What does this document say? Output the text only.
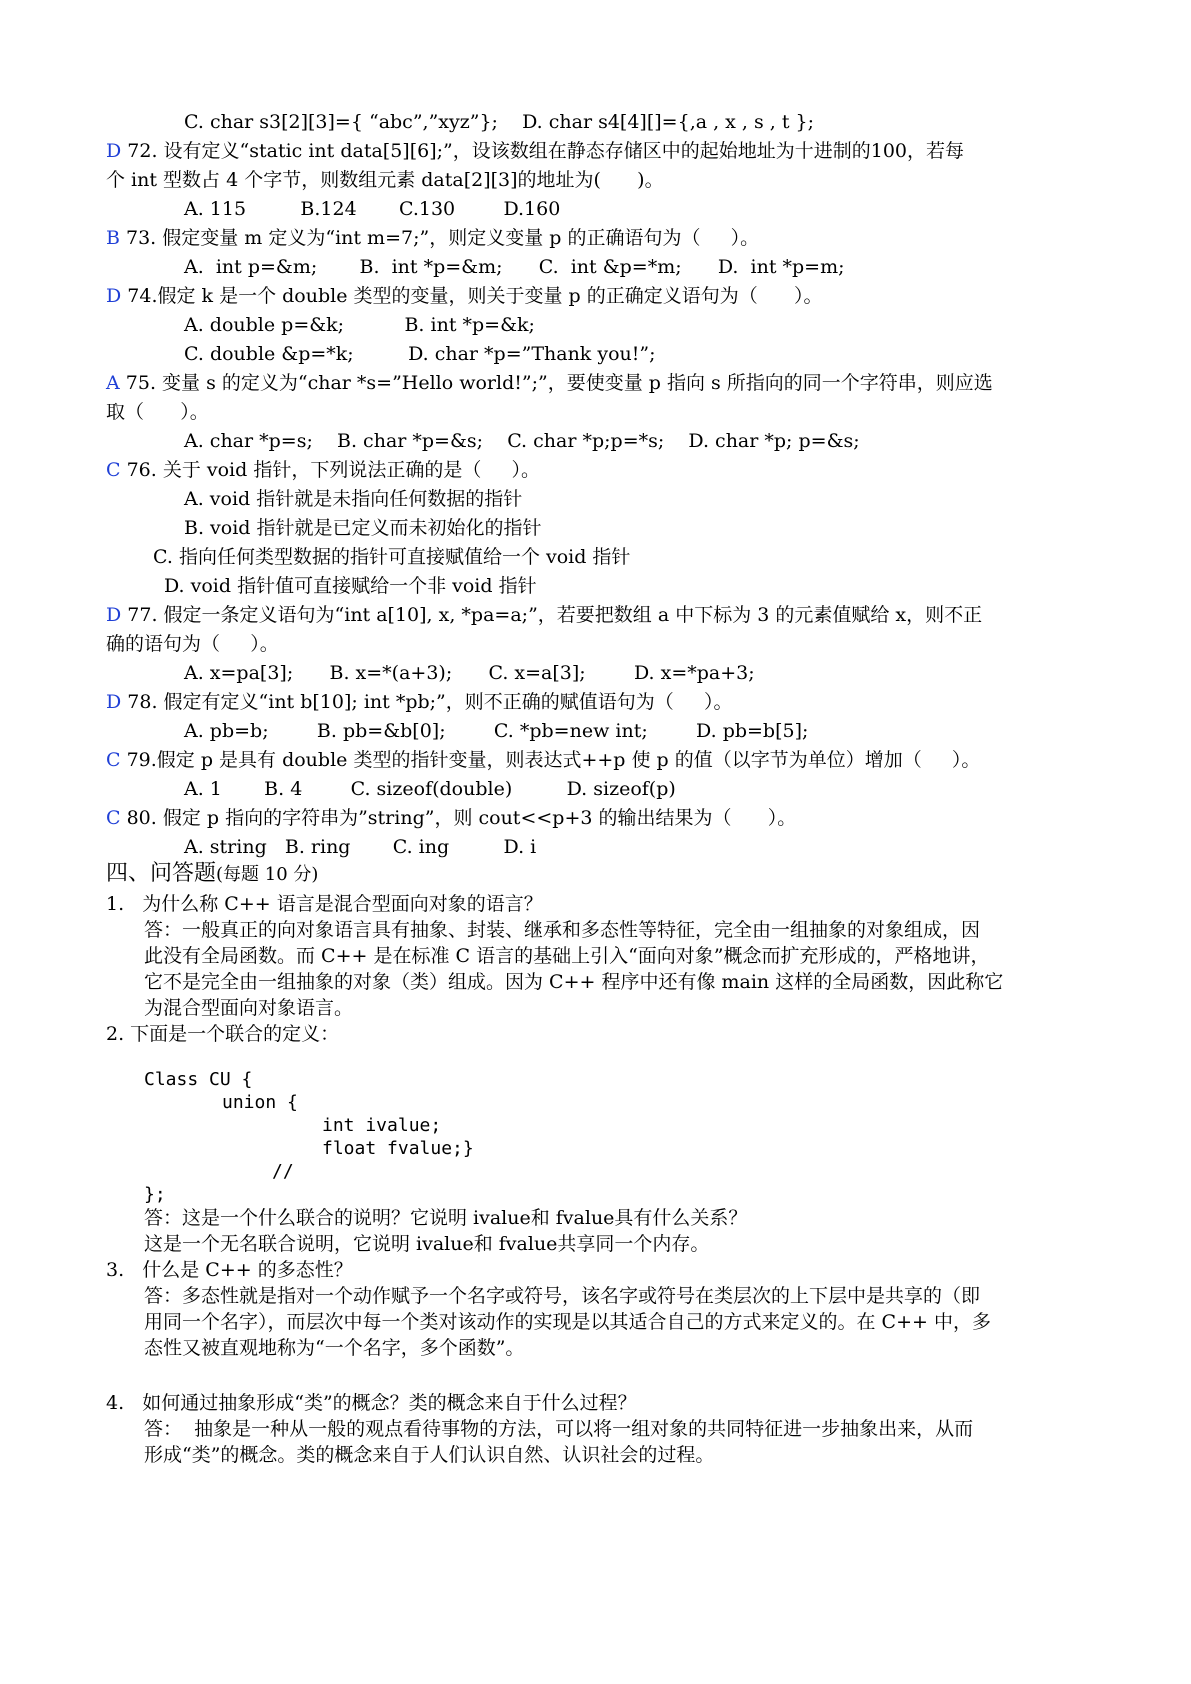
C. char s3[2][3]={ “abc”,”xyz”};    D. char s4[4][]={‚a , x , s , t };
D 72. 设有定义“static int data[5][6];”，设该数组在静态存储区中的起始地址为十进制的100，若每
个 int 型数占 4 个字节，则数组元素 data[2][3]的地址为(      )。
A. 115         B.124       C.130        D.160
B 73. 假定变量 m 定义为“int m=7;”，则定义变量 p 的正确语句为（     ）。
A.  int p=&m;       B.  int *p=&m;      C.  int &p=*m;      D.  int *p=m;
D 74.假定 k 是一个 double 类型的变量，则关于变量 p 的正确定义语句为（      ）。
A. double p=&k;          B. int *p=&k;
C. double &p=*k;         D. char *p=”Thank you!”;
A 75. 变量 s 的定义为“char *s=”Hello world!”;”，要使变量 p 指向 s 所指向的同一个字符串，则应选
取（      ）。
A. char *p=s;    B. char *p=&s;    C. char *p;p=*s;    D. char *p; p=&s;
C 76. 关于 void 指针，下列说法正确的是（     ）。
A. void 指针就是未指向任何数据的指针
B. void 指针就是已定义而未初始化的指针
C. 指向任何类型数据的指针可直接赋值给一个 void 指针
D. void 指针值可直接赋给一个非 void 指针
D 77. 假定一条定义语句为“int a[10], x, *pa=a;”，若要把数组 a 中下标为 3 的元素值赋给 x，则不正
确的语句为（     ）。
A. x=pa[3];      B. x=*(a+3);      C. x=a[3];        D. x=*pa+3;
D 78. 假定有定义“int b[10]; int *pb;”，则不正确的赋值语句为（     ）。
A. pb=b;        B. pb=&b[0];        C. *pb=new int;        D. pb=b[5];
C 79.假定 p 是具有 double 类型的指针变量，则表达式++p 使 p 的值（以字节为单位）增加（     ）。
A. 1       B. 4        C. sizeof(double)         D. sizeof(p)
C 80. 假定 p 指向的字符串为”string”，则 cout<<p+3 的输出结果为（      ）。
A. string   B. ring       C. ing         D. i
四、问答题(每题 10 分)
1.   为什么称 C++ 语言是混合型面向对象的语言？
答：一般真正的向对象语言具有抽象、封装、继承和多态性等特征，完全由一组抽象的对象组成，因
此没有全局函数。而 C++ 是在标准 C 语言的基础上引入“面向对象”概念而扩充形成的，严格地讲，
它不是完全由一组抽象的对象（类）组成。因为 C++ 程序中还有像 main 这样的全局函数，因此称它
为混合型面向对象语言。
2. 下面是一个联合的定义：
Class CU {
union {
int ivalue;
float fvalue;}
//
};
答：这是一个什么联合的说明？它说明 ivalue和 fvalue具有什么关系？
这是一个无名联合说明，它说明 ivalue和 fvalue共享同一个内存。
3.   什么是 C++ 的多态性？
答：多态性就是指对一个动作赋予一个名字或符号，该名字或符号在类层次的上下层中是共享的（即
用同一个名字），而层次中每一个类对该动作的实现是以其适合自己的方式来定义的。在 C++ 中，多
态性又被直观地称为“一个名字，多个函数”。
4.   如何通过抽象形成“类”的概念？类的概念来自于什么过程？
答：  抽象是一种从一般的观点看待事物的方法，可以将一组对象的共同特征进一步抽象出来，从而
形成“类”的概念。类的概念来自于人们认识自然、认识社会的过程。
